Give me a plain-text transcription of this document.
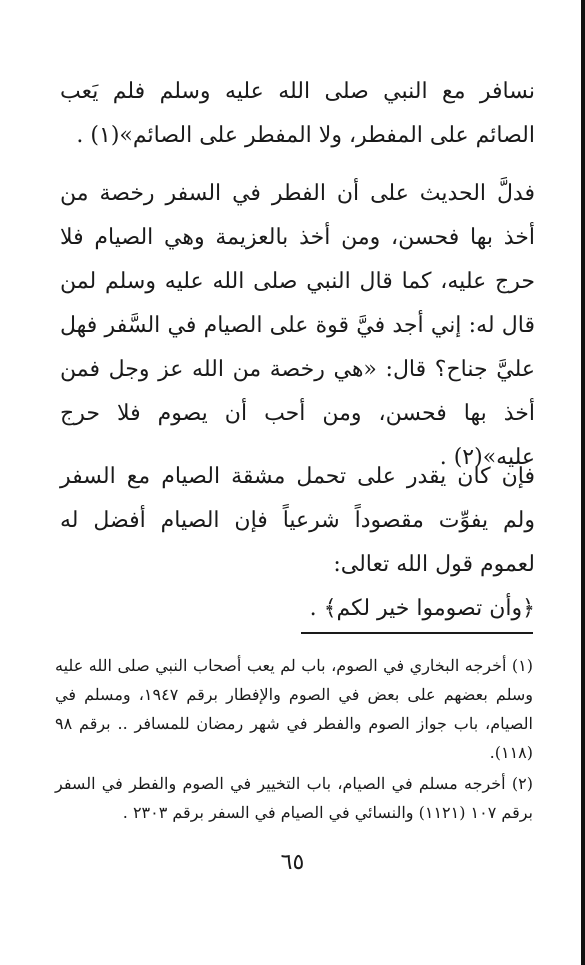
نسافر مع النبي صلى الله عليه وسلم فلم يَعب الصائم على المفطر، ولا المفطر على الصائم»(١) .

فدلَّ الحديث على أن الفطر في السفر رخصة من أخذ بها فحسن، ومن أخذ بالعزيمة وهي الصيام فلا حرج عليه، كما قال النبي صلى الله عليه وسلم لمن قال له: إني أجد فيَّ قوة على الصيام في السَّفر فهل عليَّ جناح؟ قال: «هي رخصة من الله عز وجل فمن أخذ بها فحسن، ومن أحب أن يصوم فلا حرج عليه»(٢) .

فإن كان يقدر على تحمل مشقة الصيام مع السفر ولم يفوِّت مقصوداً شرعياً فإن الصيام أفضل له لعموم قول الله تعالى:

﴿وأن تصوموا خير لكم﴾ .

(١) أخرجه البخاري في الصوم، باب لم يعب أصحاب النبي صلى الله عليه وسلم بعضهم على بعض في الصوم والإفطار برقم ١٩٤٧، ومسلم في الصيام، باب جواز الصوم والفطر في شهر رمضان للمسافر .. برقم ٩٨ (١١٨).

(٢) أخرجه مسلم في الصيام، باب التخيير في الصوم والفطر في السفر برقم ١٠٧ (١١٢١) والنسائي في الصيام في السفر برقم ٢٣٠٣ .

٦٥
